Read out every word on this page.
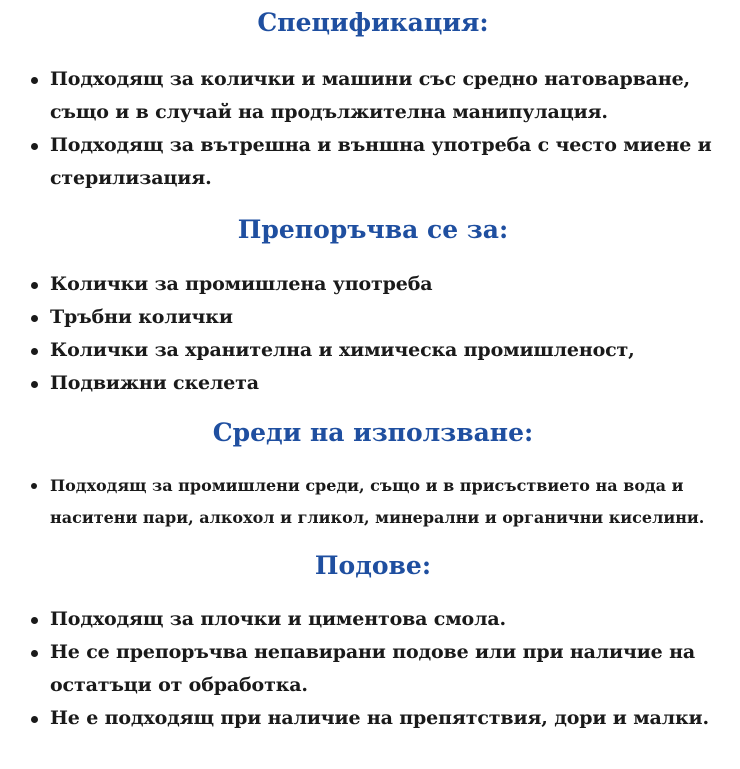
Спецификация:
Подходящ за колички и машини със средно натоварване, също и в случай на продължителна манипулация.
Подходящ за вътрешна и външна употреба с често миене и стерилизация.
Препоръчва се за:
Колички за промишлена употреба
Тръбни колички
Колички за хранителна и химическа промишленост,
Подвижни скелета
Среди на използване:
Подходящ за промишлени среди, също и в присъствието на вода и наситени пари, алкохол и гликол, минерални и органични киселини.
Подове:
Подходящ за плочки и циментова смола.
Не се препоръчва непавирани подове или при наличие на остатъци от обработка.
Не е подходящ при наличие на препятствия, дори и малки.
